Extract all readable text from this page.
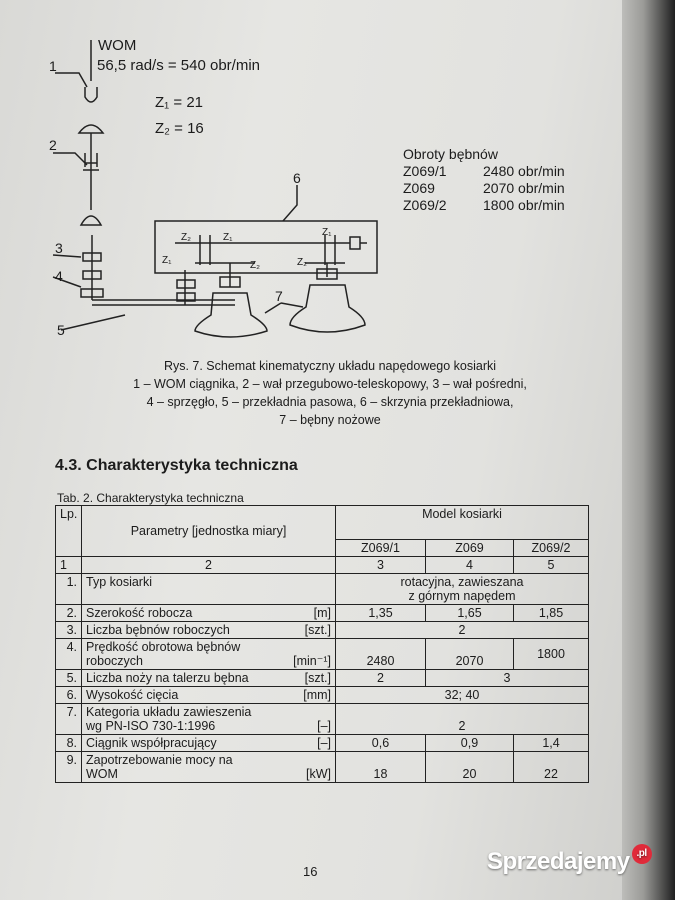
WOM
56,5 rad/s = 540 obr/min
Z₁ = 21
Z₂ = 16
1
2
3
4
5
6
7
Z₂	Z₁	Z₁
Z₁	Z₂	Z₂
Obroty bębnów
Z069/1	2480 obr/min
Z069	2070 obr/min
Z069/2	1800 obr/min
Rys. 7. Schemat kinematyczny układu napędowego kosiarki
1 – WOM ciągnika, 2 – wał przegubowo-teleskopowy, 3 – wał pośredni,
4 – sprzęgło, 5 – przekładnia pasowa, 6 – skrzynia przekładniowa,
7 – bębny nożowe
4.3. Charakterystyka techniczna
Tab. 2. Charakterystyka techniczna
Lp.	Parametry [jednostka miary]	Model kosiarki		
		Z069/1	Z069	Z069/2
1	2	3	4	5
1.	Typ kosiarki	rotacyjna, zawieszana
z górnym napędem		

2.	Szerokość robocza [m]	1,35	1,65	1,85
3.	Liczba bębnów roboczych [szt.]	2		
4.	Prędkość obrotowa bębnów
roboczych [min⁻¹]	2480	2070	1800
5.	Liczba noży na talerzu bębna [szt.]	2	3	
6.	Wysokość cięcia [mm]	32; 40		
7.	Kategoria układu zawieszenia
wg PN-ISO 730-1:1996 [–]	2		
8.	Ciągnik współpracujący [–]	0,6	0,9	1,4
9.	Zapotrzebowanie mocy na
WOM [kW]	18	20	22
16	Sprzedajemy .pl
